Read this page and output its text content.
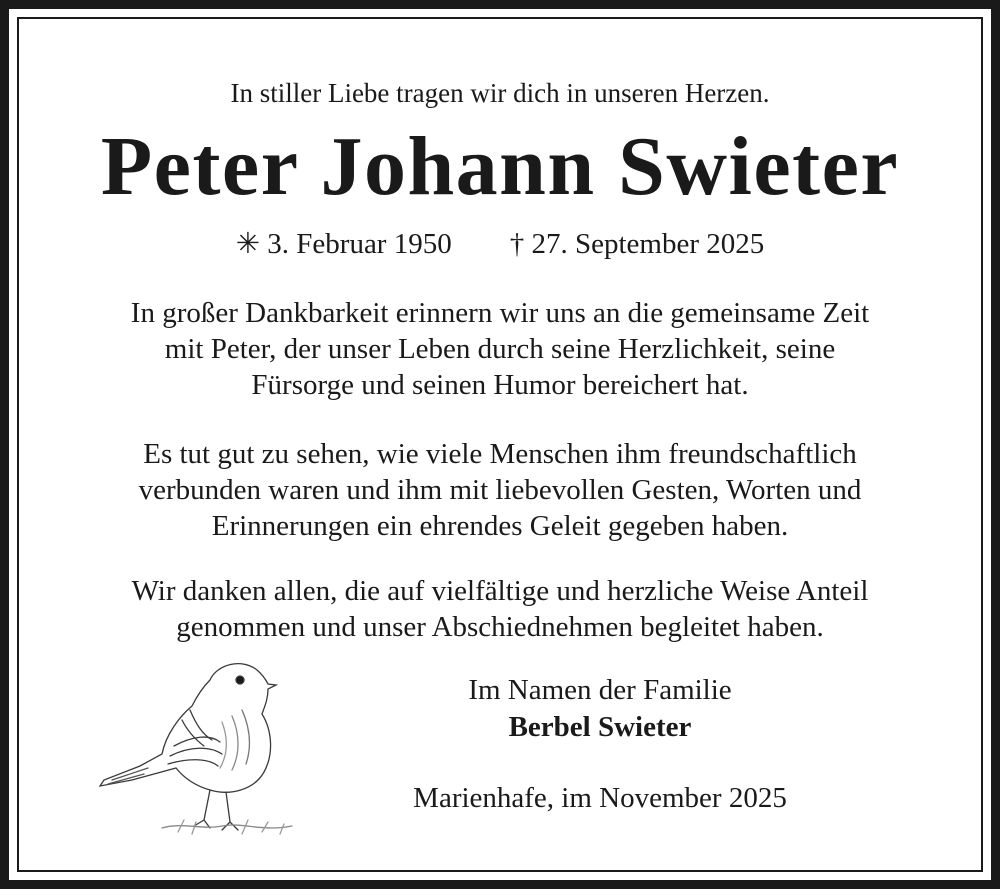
In stiller Liebe tragen wir dich in unseren Herzen.
Peter Johann Swieter
✳ 3. Februar 1950 † 27. September 2025
In großer Dankbarkeit erinnern wir uns an die gemeinsame Zeit
mit Peter, der unser Leben durch seine Herzlichkeit, seine
Fürsorge und seinen Humor bereichert hat.
Es tut gut zu sehen, wie viele Menschen ihm freundschaftlich
verbunden waren und ihm mit liebevollen Gesten, Worten und
Erinnerungen ein ehrendes Geleit gegeben haben.
Wir danken allen, die auf vielfältige und herzliche Weise Anteil
genommen und unser Abschiednehmen begleitet haben.
Im Namen der Familie
Berbel Swieter
Marienhafe, im November 2025
